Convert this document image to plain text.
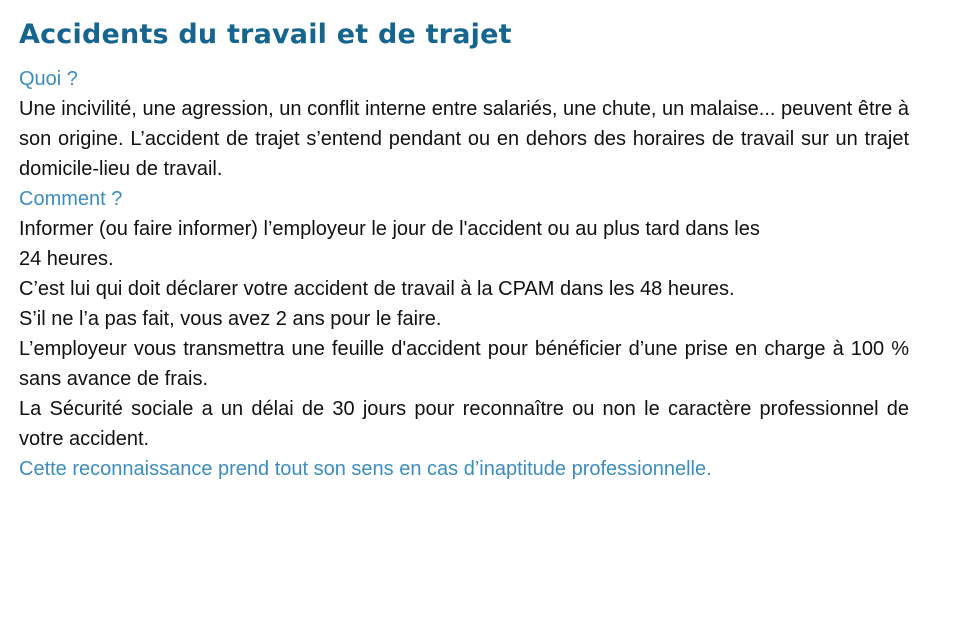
Accidents du travail et de trajet

Quoi ?

Une incivilité, une agression, un conflit interne entre salariés, une chute, un malaise... peuvent être à son origine. L’accident de trajet s’entend pendant ou en dehors des horaires de travail sur un trajet domicile-lieu de travail.

Comment ?

Informer (ou faire informer) l’employeur le jour de l'accident ou au plus tard dans les

24 heures.

C’est lui qui doit déclarer votre accident de travail à la CPAM dans les 48 heures.

S’il ne l’a pas fait, vous avez 2 ans pour le faire.

L’employeur vous transmettra une feuille d'accident pour bénéficier d’une prise en charge à 100 % sans avance de frais.

La Sécurité sociale a un délai de 30 jours pour reconnaître ou non le caractère professionnel de votre accident.

Cette reconnaissance prend tout son sens en cas d’inaptitude professionnelle.
